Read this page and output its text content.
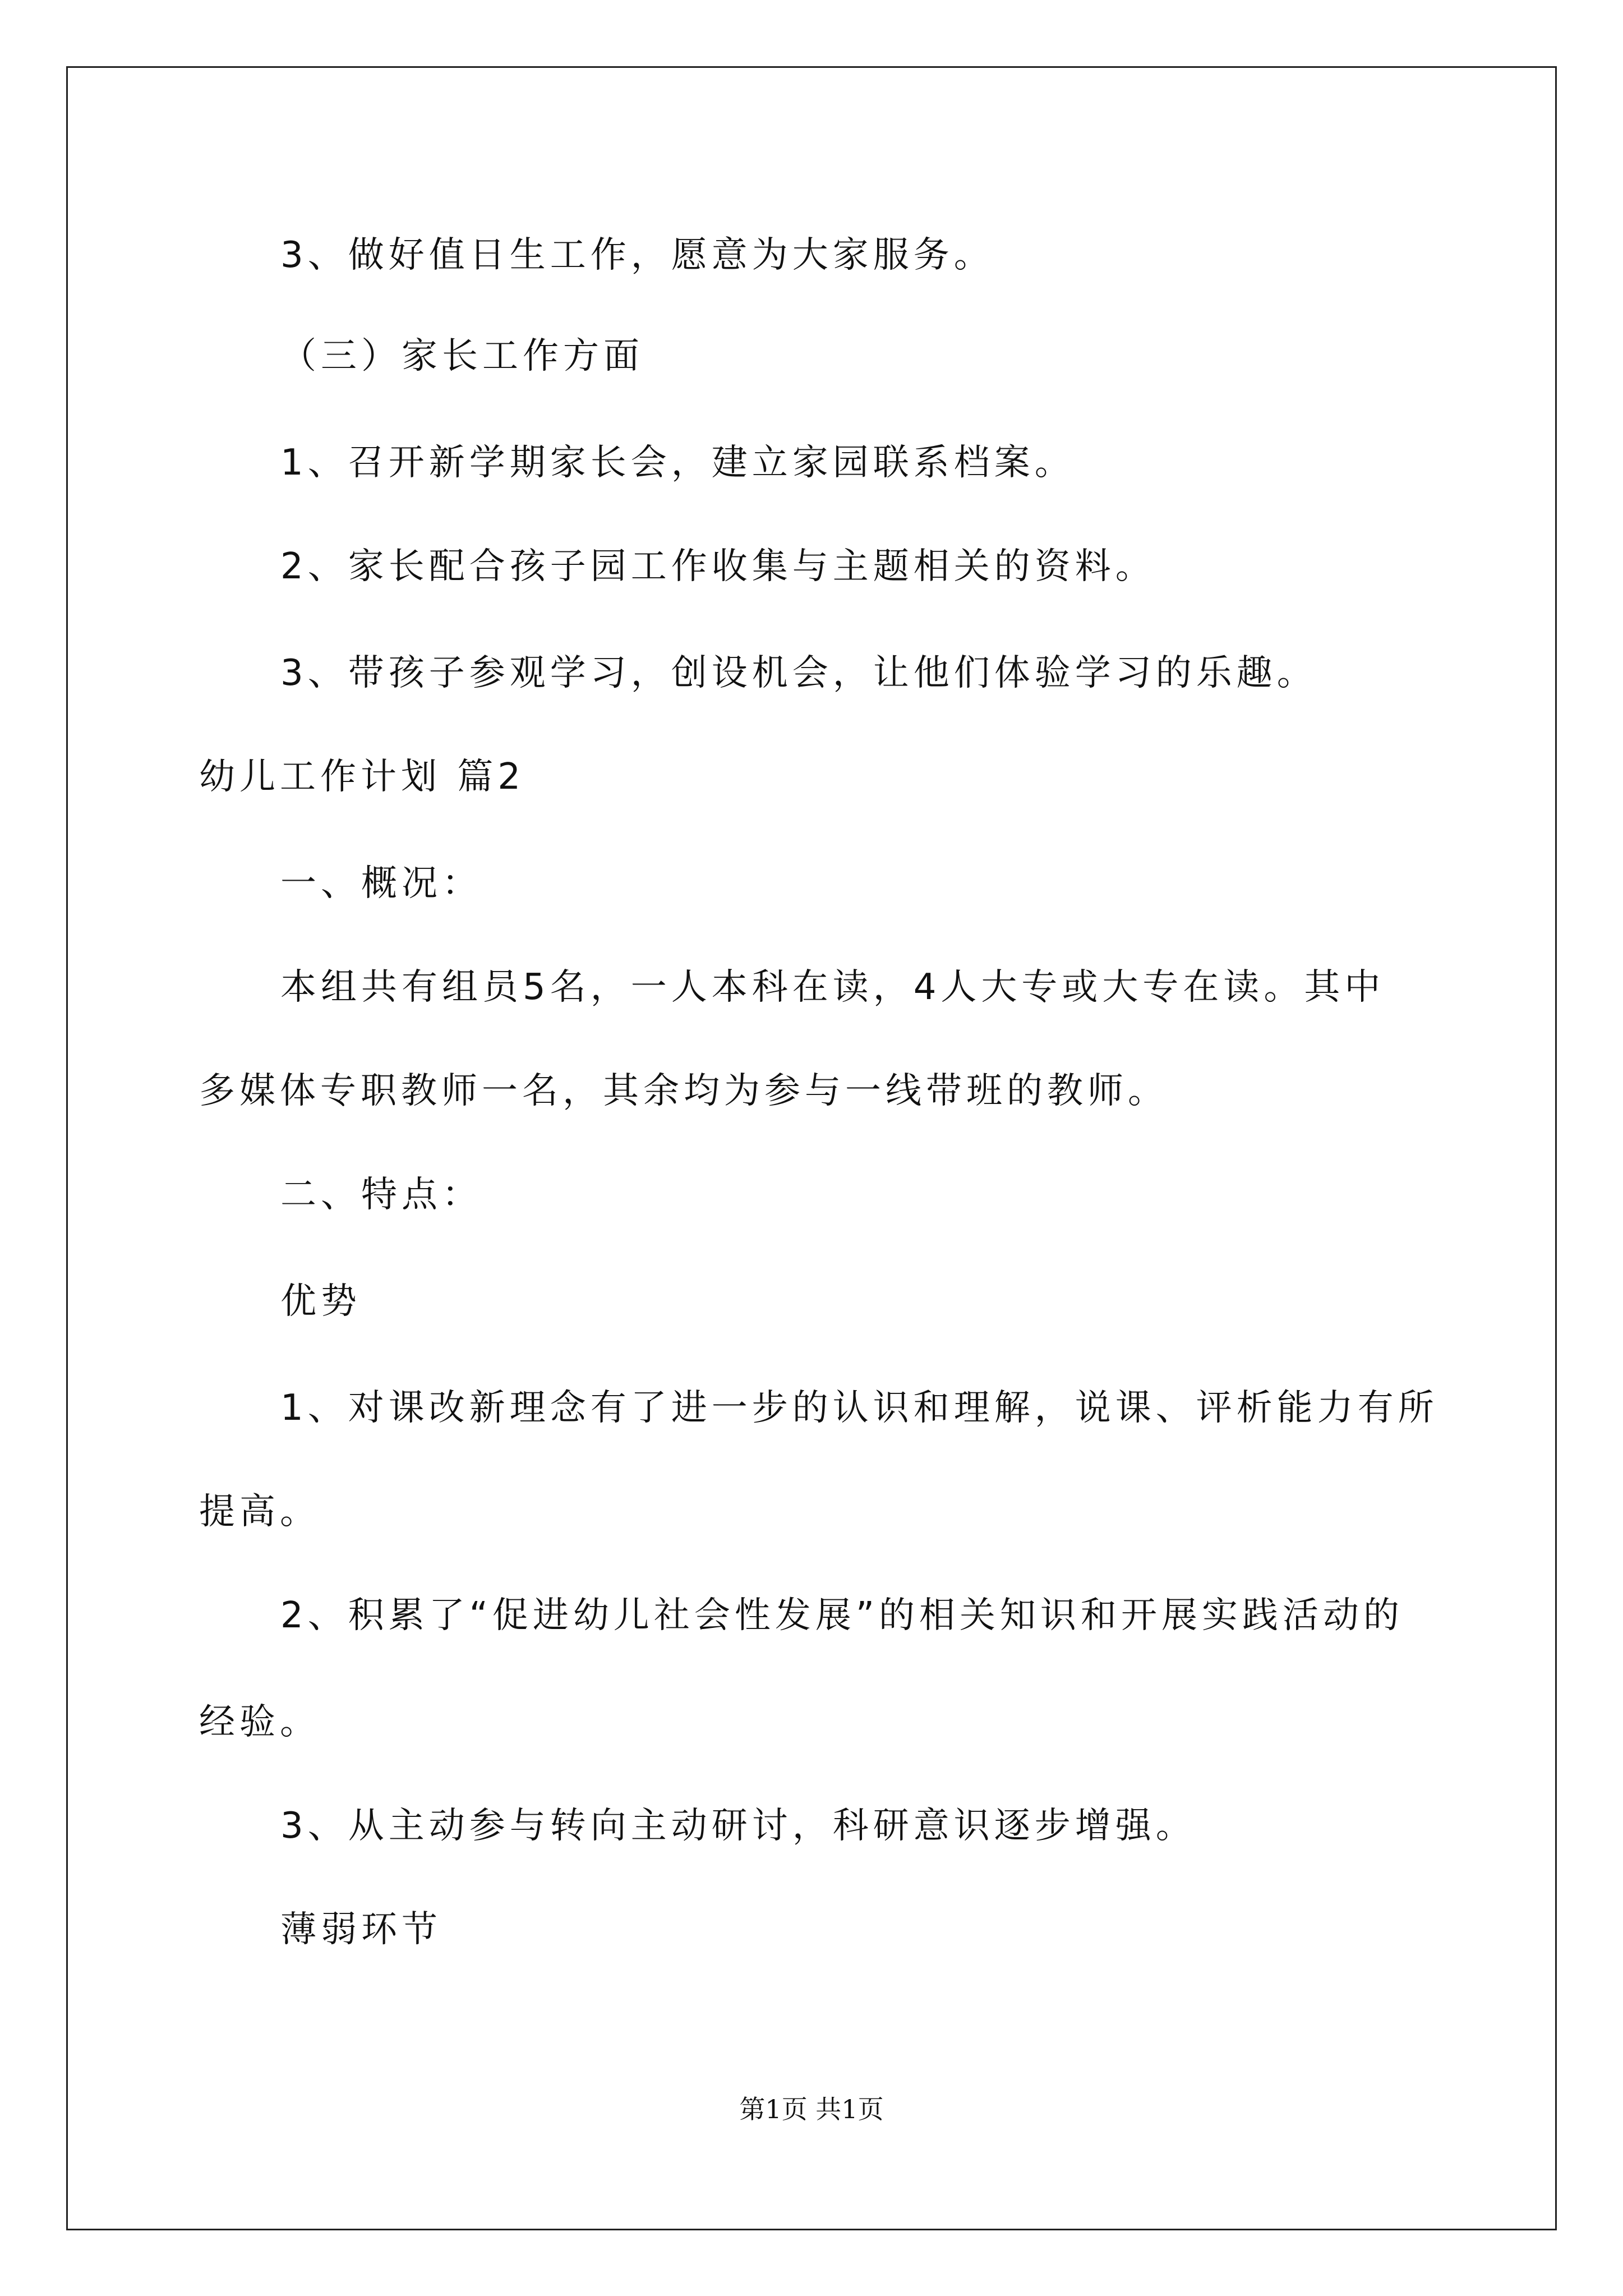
3、做好值日生工作，愿意为大家服务。
（三）家长工作方面
1、召开新学期家长会，建立家园联系档案。
2、家长配合孩子园工作收集与主题相关的资料。
3、带孩子参观学习，创设机会，让他们体验学习的乐趣。
幼儿工作计划 篇2
一、概况：
本组共有组员5名，一人本科在读，4人大专或大专在读。其中
多媒体专职教师一名，其余均为参与一线带班的教师。
二、特点：
优势
1、对课改新理念有了进一步的认识和理解，说课、评析能力有所
提高。
2、积累了“促进幼儿社会性发展”的相关知识和开展实践活动的
经验。
3、从主动参与转向主动研讨，科研意识逐步增强。
薄弱环节
第1页 共1页
